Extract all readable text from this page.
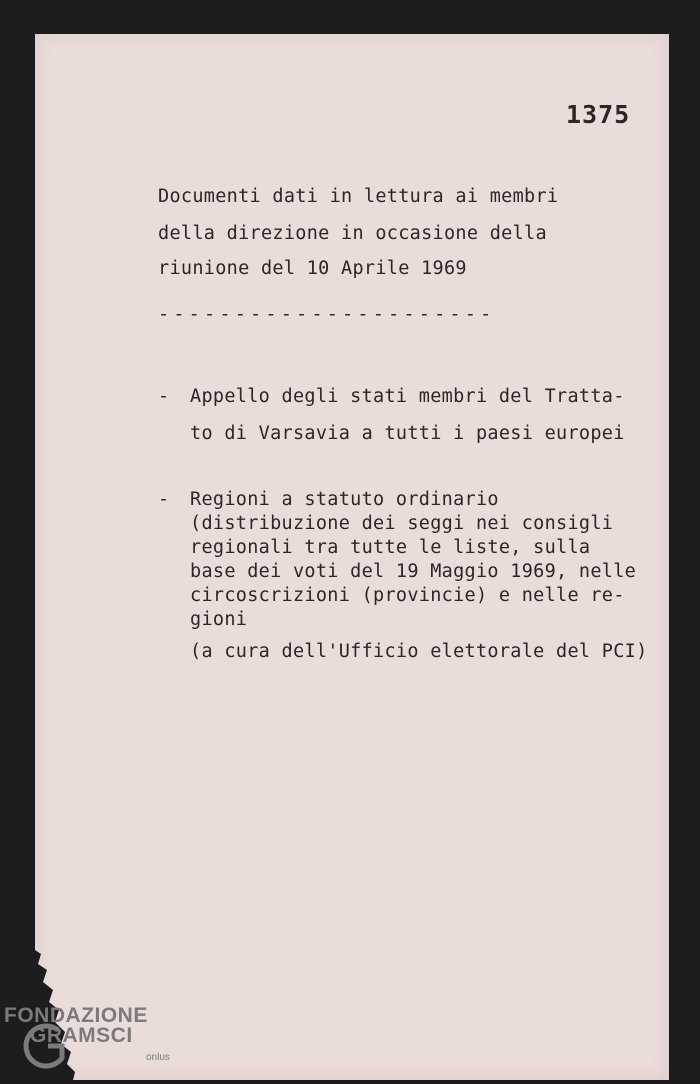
1375
Documenti dati in lettura ai membri
della direzione in occasione della
riunione del 10 Aprile 1969
----------------------
- Appello degli stati membri del Tratta-
to di Varsavia a tutti i paesi europei
- Regioni a statuto ordinario
(distribuzione dei seggi nei consigli
regionali tra tutte le liste, sulla
base dei voti del 19 Maggio 1969, nelle
circoscrizioni (provincie) e nelle re-
gioni
(a cura dell'Ufficio elettorale del PCI)
FONDAZIONE
GRAMSCI
onlus
